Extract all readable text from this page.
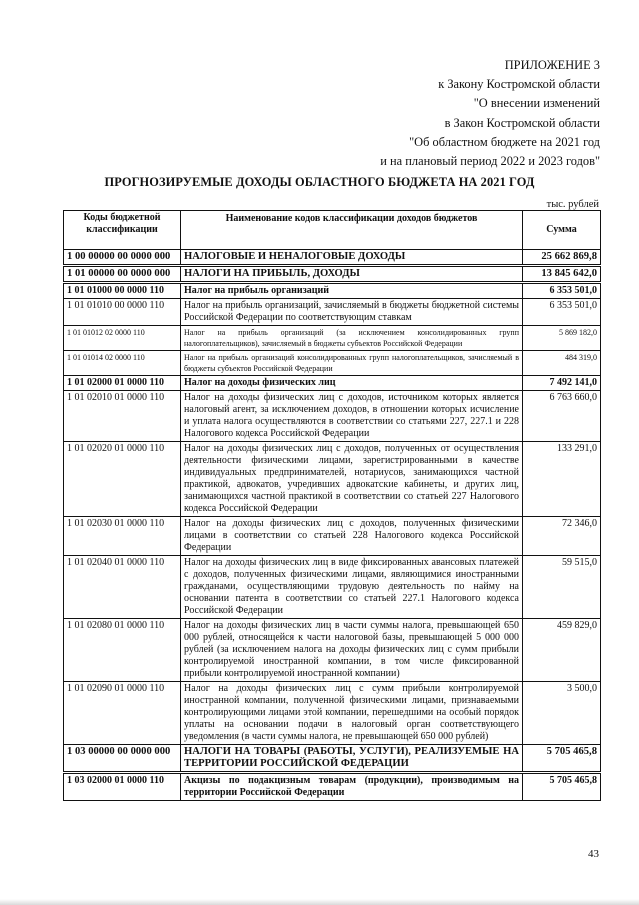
ПРИЛОЖЕНИЕ 3
к Закону Костромской области
"О внесении изменений
в Закон Костромской области
"Об областном бюджете на 2021 год
и на плановый период 2022 и 2023 годов"
ПРОГНОЗИРУЕМЫЕ ДОХОДЫ ОБЛАСТНОГО БЮДЖЕТА НА 2021 ГОД
тыс. рублей
Коды бюджетной классификации	Наименование кодов классификации доходов бюджетов	Сумма
1 00 00000 00 0000 000	НАЛОГОВЫЕ И НЕНАЛОГОВЫЕ ДОХОДЫ	25 662 869,8
1 01 00000 00 0000 000	НАЛОГИ НА ПРИБЫЛЬ, ДОХОДЫ	13 845 642,0
1 01 01000 00 0000 110	Налог на прибыль организаций	6 353 501,0
1 01 01010 00 0000 110	Налог на прибыль организаций, зачисляемый в бюджеты бюджетной системы Российской Федерации по соответствующим ставкам	6 353 501,0
1 01 01012 02 0000 110	Налог на прибыль организаций (за исключением консолидированных групп налогоплательщиков), зачисляемый в бюджеты субъектов Российской Федерации	5 869 182,0
1 01 01014 02 0000 110	Налог на прибыль организаций консолидированных групп налогоплательщиков, зачисляемый в бюджеты субъектов Российской Федерации	484 319,0
1 01 02000 01 0000 110	Налог на доходы физических лиц	7 492 141,0
1 01 02010 01 0000 110	Налог на доходы физических лиц с доходов, источником которых является налоговый агент, за исключением доходов, в отношении которых исчисление и уплата налога осуществляются в соответствии со статьями 227, 227.1 и 228 Налогового кодекса Российской Федерации	6 763 660,0
1 01 02020 01 0000 110	Налог на доходы физических лиц с доходов, полученных от осуществления деятельности физическими лицами, зарегистрированными в качестве индивидуальных предпринимателей, нотариусов, занимающихся частной практикой, адвокатов, учредивших адвокатские кабинеты, и других лиц, занимающихся частной практикой в соответствии со статьей 227 Налогового кодекса Российской Федерации	133 291,0
1 01 02030 01 0000 110	Налог на доходы физических лиц с доходов, полученных физическими лицами в соответствии со статьей 228 Налогового кодекса Российской Федерации	72 346,0
1 01 02040 01 0000 110	Налог на доходы физических лиц в виде фиксированных авансовых платежей с доходов, полученных физическими лицами, являющимися иностранными гражданами, осуществляющими трудовую деятельность по найму на основании патента в соответствии со статьей 227.1 Налогового кодекса Российской Федерации	59 515,0
1 01 02080 01 0000 110	Налог на доходы физических лиц в части суммы налога, превышающей 650 000 рублей, относящейся к части налоговой базы, превышающей 5 000 000 рублей (за исключением налога на доходы физических лиц с сумм прибыли контролируемой иностранной компании, в том числе фиксированной прибыли контролируемой иностранной компании)	459 829,0
1 01 02090 01 0000 110	Налог на доходы физических лиц с сумм прибыли контролируемой иностранной компании, полученной физическими лицами, признаваемыми контролирующими лицами этой компании, перешедшими на особый порядок уплаты на основании подачи в налоговый орган соответствующего уведомления (в части суммы налога, не превышающей 650 000 рублей)	3 500,0
1 03 00000 00 0000 000	НАЛОГИ НА ТОВАРЫ (РАБОТЫ, УСЛУГИ), РЕАЛИЗУЕМЫЕ НА ТЕРРИТОРИИ РОССИЙСКОЙ ФЕДЕРАЦИИ	5 705 465,8
1 03 02000 01 0000 110	Акцизы по подакцизным товарам (продукции), производимым на территории Российской Федерации	5 705 465,8
43
